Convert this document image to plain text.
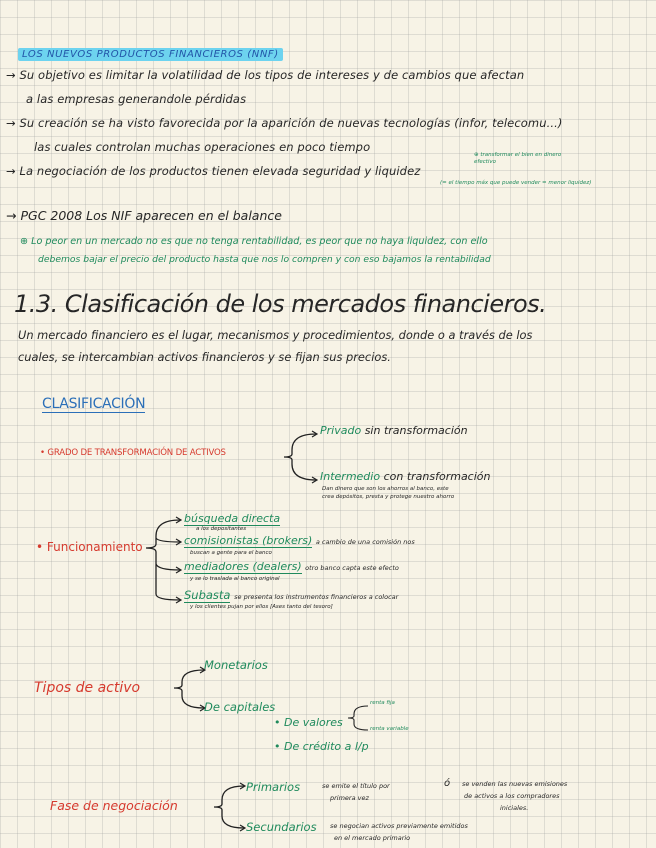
LOS NUEVOS PRODUCTOS FINANCIEROS (NNF)
→ Su objetivo es limitar la volatilidad de los tipos de intereses y de cambios que afectan
a las empresas generandole pérdidas
→ Su creación se ha visto favorecida por la aparición de nuevas tecnologías (infor, telecomu...)
las cuales controlan muchas operaciones en poco tiempo
→ La negociación de los productos tienen elevada seguridad y liquidez
⊕ transformar el bien en dinero efectivo
(= el tiempo máx que puede vender = menor liquidez)
→ PGC 2008 Los NIF aparecen en el balance
⊕ Lo peor en un mercado no es que no tenga rentabilidad, es peor que no haya liquidez, con ello
debemos bajar el precio del producto hasta que nos lo compren y con eso bajamos la rentabilidad
1.3. Clasificación de los mercados financieros.
Un mercado financiero es el lugar, mecanismos y procedimientos, donde o a través de los
cuales, se intercambian activos financieros y se fijan sus precios.
CLASIFICACIÓN
• GRADO DE TRANSFORMACIÓN DE ACTIVOS
Privado sin transformación
Intermedio con transformación
Dan dinero que son los ahorros al banco, este
crea depósitos, presta y protege nuestro ahorro
• Funcionamiento
búsqueda directa
a los depositantes
comisionistas (brokers) a cambio de una comisión nos
buscan a gente para el banco
mediadores (dealers) otro banco capta este efecto
y se lo traslada al banco original
Subasta se presenta los instrumentos financieros a colocar
y los clientes pujan por ellos [Ases tanto del tesoro]
Tipos de activo
Monetarios
De capitales
• De valores
renta fija
renta variable
• De crédito a l/p
Fase de negociación
Primarios	se emite el título por
primera vez
ó se venden las nuevas emisiones
de activos a los compradores
iniciales.
Secundarios se negocian activos previamente emitidos
en el mercado primario
